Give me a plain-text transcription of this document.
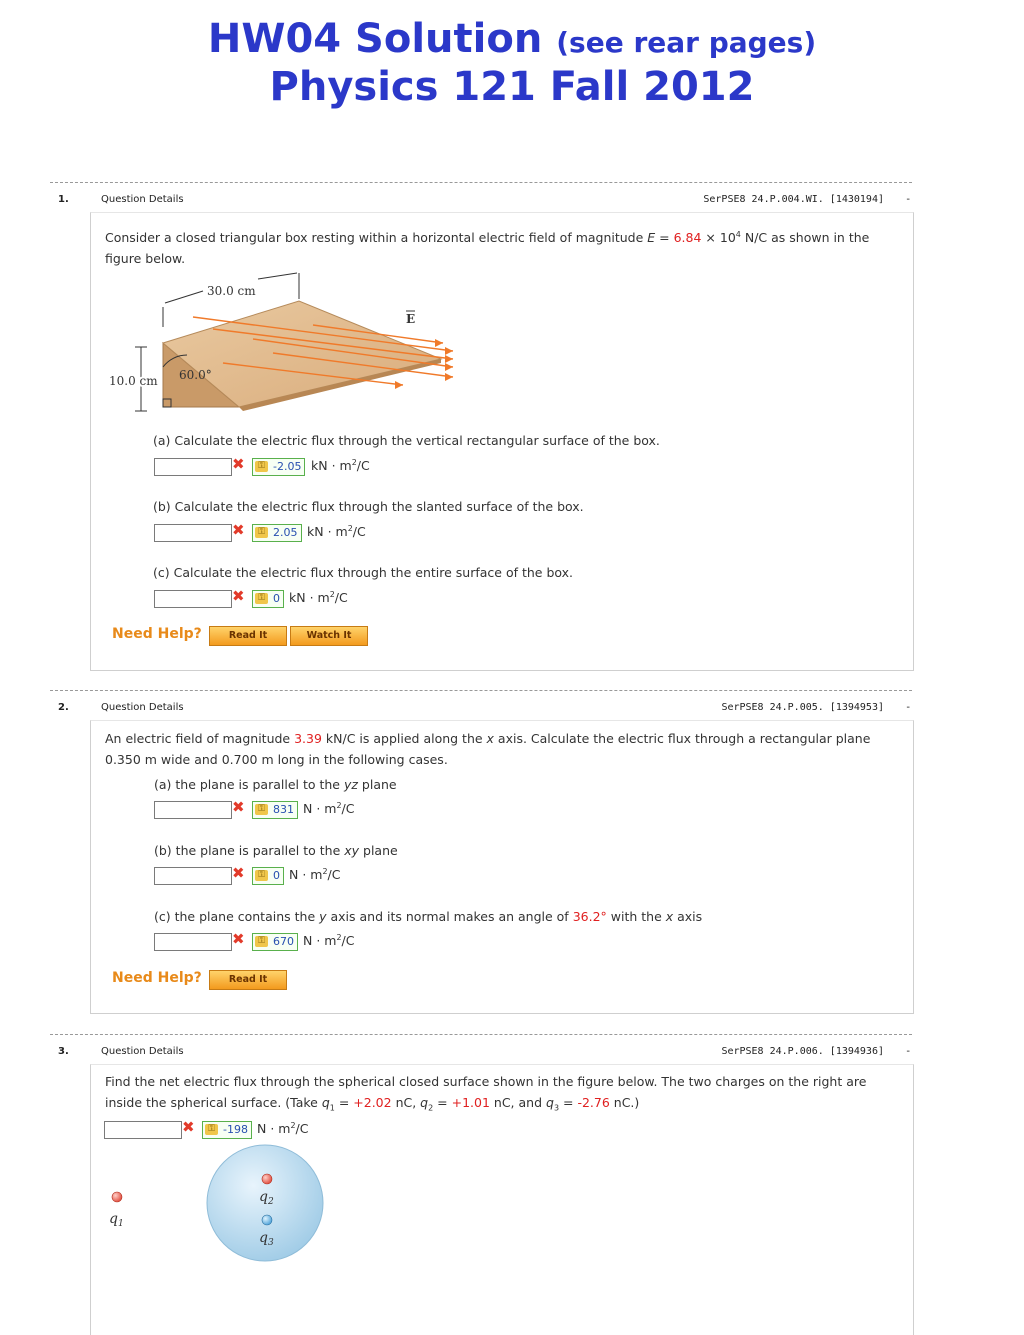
HW04 Solution (see rear pages)
Physics 121 Fall 2012
1.	Question Details	SerPSE8 24.P.004.WI. [1430194] -
Consider a closed triangular box resting within a horizontal electric field of magnitude $E = 6.84 \times 10^4$ N/C as shown in the
figure below.
30.0 cm
10.0 cm 60.0°
E
(a) Calculate the electric flux through the vertical rectangular surface of the box.
✖	⚿ -2.05 kN · $m^2/C$
(b) Calculate the electric flux through the slanted surface of the box.
✖	⚿ 2.05 kN · $m^2/C$
(c) Calculate the electric flux through the entire surface of the box.
✖	⚿ 0 kN · $m^2/C$
Need Help?	Read It	Watch It
2.	Question Details	SerPSE8 24.P.005. [1394953] -
An electric field of magnitude 3.39 kN/C is applied along the x axis. Calculate the electric flux through a rectangular plane
0.350 m wide and 0.700 m long in the following cases.
(a) the plane is parallel to the yz plane
✖	⚿ 831 $N \cdot m^2/C$
(b) the plane is parallel to the xy plane
✖	⚿ 0 $N \cdot m^2/C$
(c) the plane contains the y axis and its normal makes an angle of 36.2° with the x axis
✖	⚿ 670 $N \cdot m^2/C$
Need Help?	Read It
3.	Question Details	SerPSE8 24.P.006. [1394936] -
Find the net electric flux through the spherical closed surface shown in the figure below. The two charges on the right are
inside the spherical surface. (Take $q_1 = +2.02$ nC, $q_2 = +1.01$ nC, and $q_3 = -2.76$ nC.)
✖	⚿ -198 $N \cdot m^2/C$
$q_1$
$q_2$
$q_3$
